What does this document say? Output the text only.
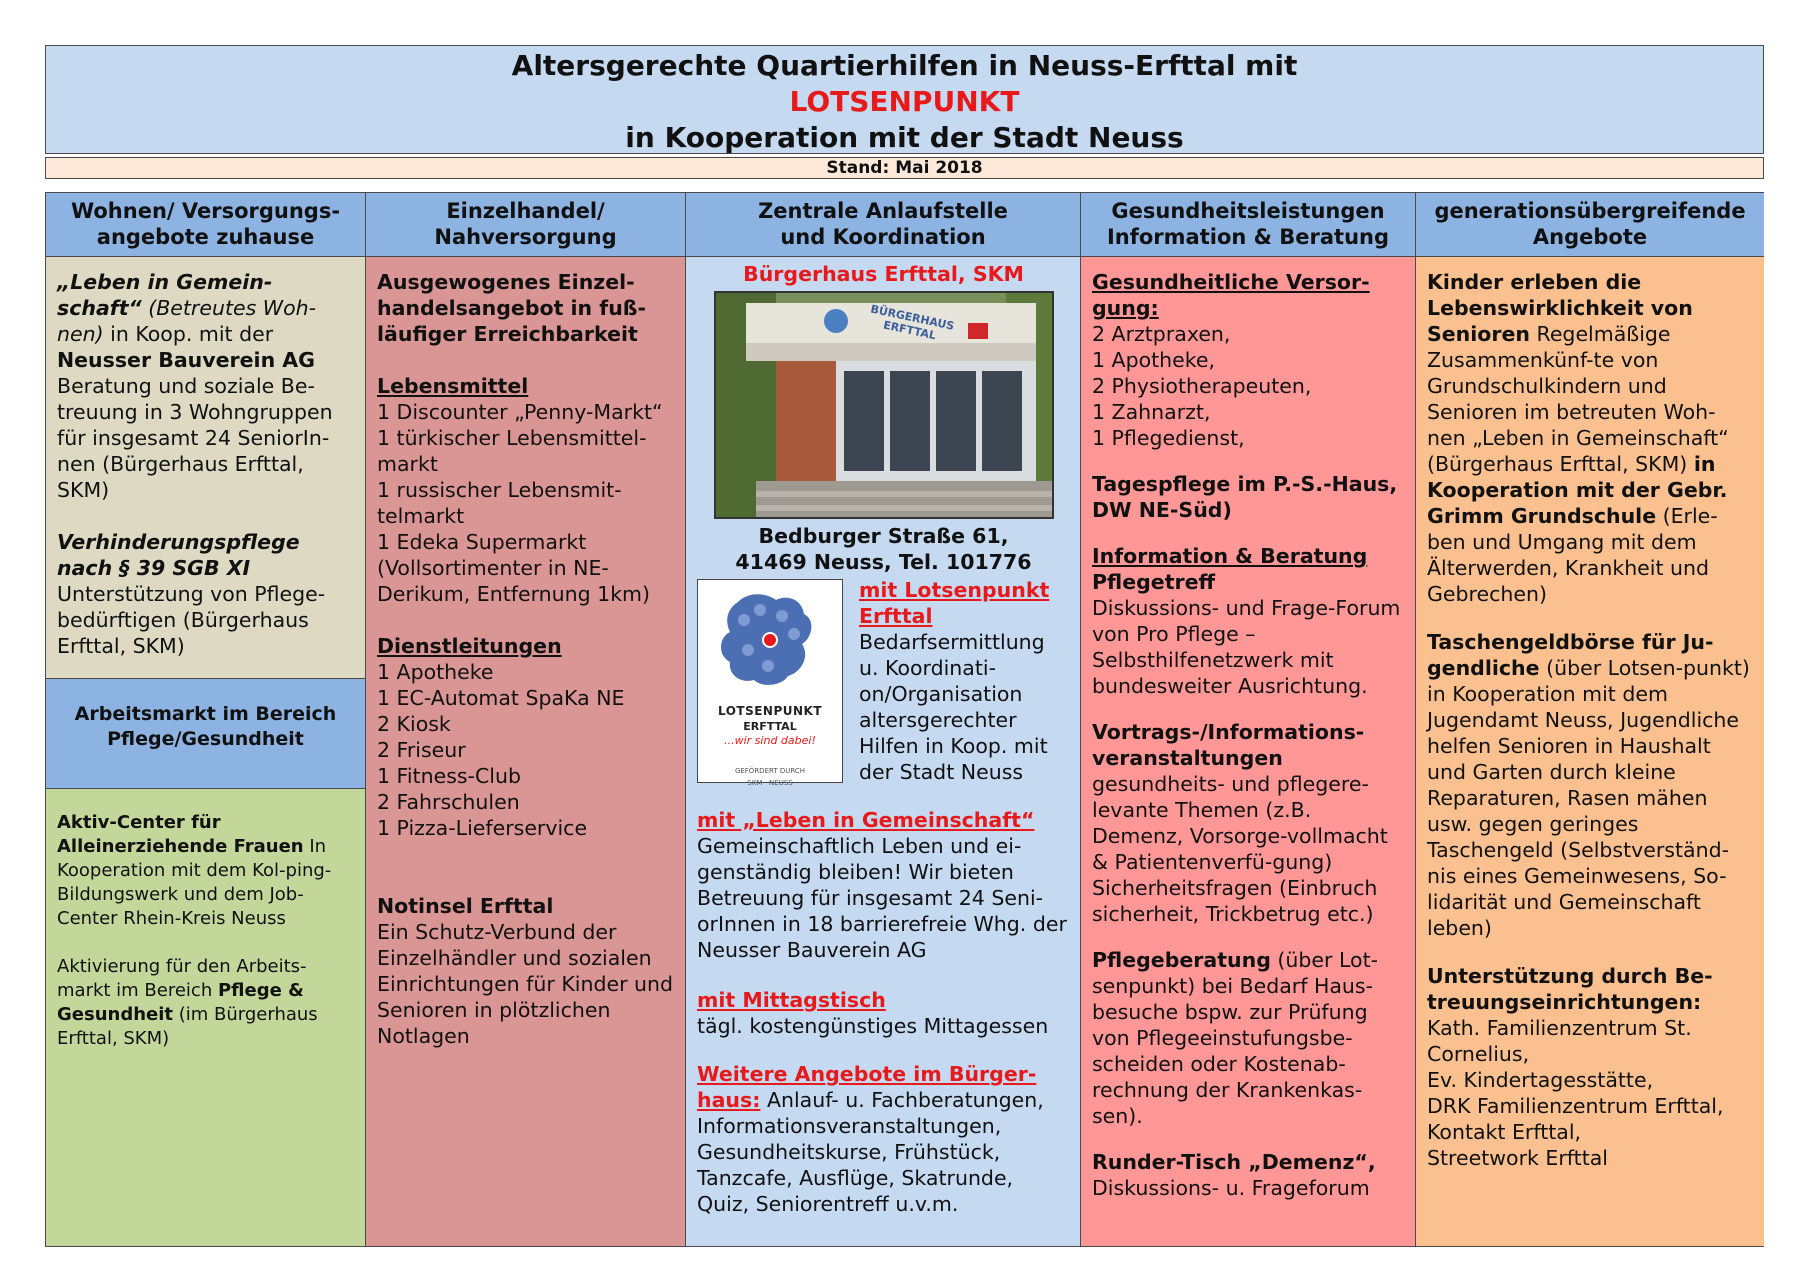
Altersgerechte Quartierhilfen in Neuss-Erfttal mit
LOTSENPUNKT
in Kooperation mit der Stadt Neuss
Stand: Mai 2018
Wohnen/ Versorgungs-
angebote zuhause
Einzelhandel/
Nahversorgung
Zentrale Anlaufstelle
und Koordination
Gesundheitsleistungen
Information & Beratung
generationsübergreifende
Angebote

„Leben in Gemein-schaft“ (Betreutes Woh-nen) in Koop. mit der Neusser Bauverein AG Beratung und soziale Be-treuung in 3 Wohngruppen für insgesamt 24 SeniorIn-nen (Bürgerhaus Erfttal, SKM)

Verhinderungspflege nach § 39 SGB XI Unterstützung von Pflege-bedürftigen (Bürgerhaus Erfttal, SKM)

Arbeitsmarkt im Bereich Pflege/Gesundheit

Aktiv-Center für Alleinerziehende Frauen In Kooperation mit dem Kol-ping-Bildungswerk und dem Job-Center Rhein-Kreis Neuss

Aktivierung für den Arbeits-markt im Bereich Pflege & Gesundheit (im Bürgerhaus Erfttal, SKM)

Ausgewogenes Einzel-handelsangebot in fuß-läufiger Erreichbarkeit

Lebensmittel
1 Discounter „Penny-Markt“
1 türkischer Lebensmittel-markt
1 russischer Lebensmit-telmarkt
1 Edeka Supermarkt (Vollsortimenter in NE-Derikum, Entfernung 1km)
Dienstleitungen
1 Apotheke
1 EC-Automat SpaKa NE
2 Kiosk
2 Friseur
1 Fitness-Club
2 Fahrschulen
1 Pizza-Lieferservice
Notinsel Erfttal
Ein Schutz-Verbund der Einzelhändler und sozialen Einrichtungen für Kinder und Senioren in plötzlichen Notlagen
Bürgerhaus Erfttal, SKM
BÜRGERHAUS ERFTTAL
Bedburger Straße 61,
41469 Neuss, Tel. 101776
LOTSENPUNKT
ERFTTAL
...wir sind dabei!
GEFÖRDERT DURCH
SKM · NEUSS
mit Lotsenpunkt Erfttal
Bedarfsermittlung u. Koordinati-on/Organisation altersgerechter Hilfen in Koop. mit der Stadt Neuss
mit „Leben in Gemeinschaft“
Gemeinschaftlich Leben und ei-genständig bleiben! Wir bieten Betreuung für insgesamt 24 Seni-orInnen in 18 barrierefreie Whg. der Neusser Bauverein AG
mit Mittagstisch
tägl. kostengünstiges Mittagessen
Weitere Angebote im Bürger-haus: Anlauf- u. Fachberatungen, Informationsveranstaltungen, Gesundheitskurse, Frühstück, Tanzcafe, Ausflüge, Skatrunde, Quiz, Seniorentreff u.v.m.
Gesundheitliche Versor-gung:
2 Arztpraxen,
1 Apotheke,
2 Physiotherapeuten,
1 Zahnarzt,
1 Pflegedienst,
Tagespflege im P.-S.-Haus, DW NE-Süd)
Information & Beratung
Pflegetreff
Diskussions- und Frage-Forum von Pro Pflege – Selbsthilfenetzwerk mit bundesweiter Ausrichtung.
Vortrags-/Informations-veranstaltungen
gesundheits- und pflegere-levante Themen (z.B. Demenz, Vorsorge-vollmacht & Patientenverfü-gung) Sicherheitsfragen (Einbruch sicherheit, Trickbetrug etc.)
Pflegeberatung (über Lot-senpunkt) bei Bedarf Haus-besuche bspw. zur Prüfung von Pflegeeinstufungsbe-scheiden oder Kostenab-rechnung der Krankenkas-sen).
Runder-Tisch „Demenz“,
Diskussions- u. Frageforum

Kinder erleben die Lebenswirklichkeit von Senioren Regelmäßige Zusammenkünf-te von Grundschulkindern und Senioren im betreuten Woh-nen „Leben in Gemeinschaft“ (Bürgerhaus Erfttal, SKM) in Kooperation mit der Gebr. Grimm Grundschule (Erle-ben und Umgang mit dem Älterwerden, Krankheit und Gebrechen)

Taschengeldbörse für Ju-gendliche (über Lotsen-punkt) in Kooperation mit dem Jugendamt Neuss, Jugendliche helfen Senioren in Haushalt und Garten durch kleine Reparaturen, Rasen mähen usw. gegen geringes Taschengeld (Selbstverständ-nis eines Gemeinwesens, So-lidarität und Gemeinschaft leben)

Unterstützung durch Be-treuungseinrichtungen:
Kath. Familienzentrum St. Cornelius,
Ev. Kindertagesstätte,
DRK Familienzentrum Erfttal,
Kontakt Erfttal,
Streetwork Erfttal
